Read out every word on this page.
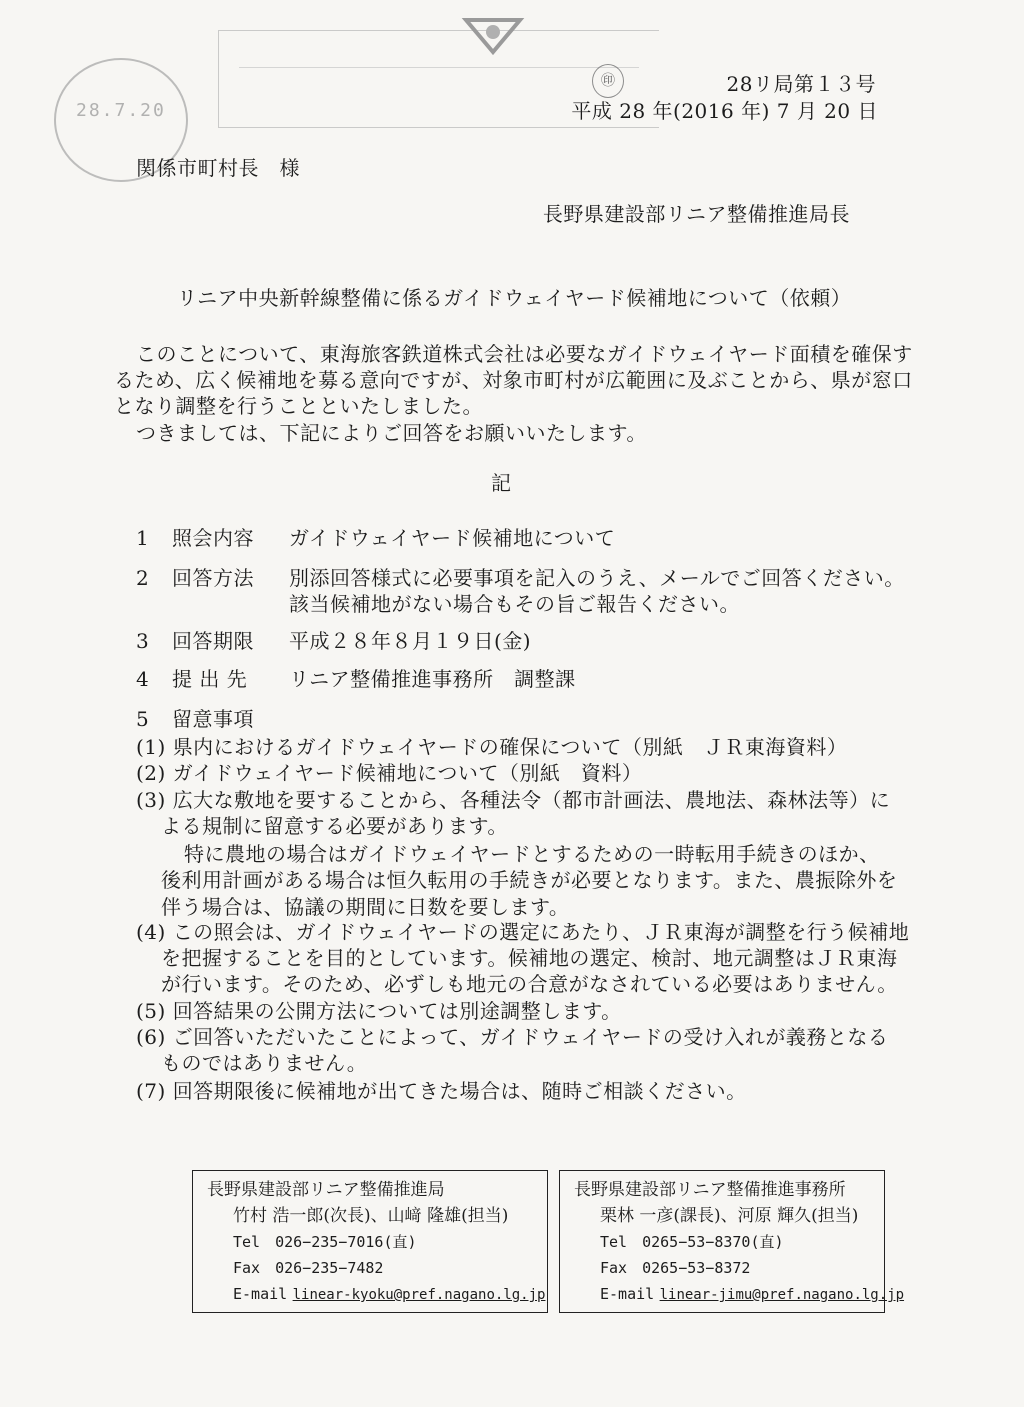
28.7.20
㊞	28リ局第１３号
平成 28 年(2016 年) 7 月 20 日
関係市町村長　様
長野県建設部リニア整備推進局長
リニア中央新幹線整備に係るガイドウェイヤード候補地について（依頼）
このことについて、東海旅客鉄道株式会社は必要なガイドウェイヤード面積を確保す
るため、広く候補地を募る意向ですが、対象市町村が広範囲に及ぶことから、県が窓口
となり調整を行うことといたしました。
つきましては、下記によりご回答をお願いいたします。
記
1 照会内容 ガイドウェイヤード候補地について
2 回答方法 別添回答様式に必要事項を記入のうえ、メールでご回答ください。
該当候補地がない場合もその旨ご報告ください。
3 回答期限 平成２８年８月１９日(金)
4 提 出 先 リニア整備推進事務所　調整課
5 留意事項
(1) 県内におけるガイドウェイヤードの確保について（別紙　ＪＲ東海資料）
(2) ガイドウェイヤード候補地について（別紙　資料）
(3) 広大な敷地を要することから、各種法令（都市計画法、農地法、森林法等）に
よる規制に留意する必要があります。
特に農地の場合はガイドウェイヤードとするための一時転用手続きのほか、
後利用計画がある場合は恒久転用の手続きが必要となります。また、農振除外を
伴う場合は、協議の期間に日数を要します。
(4) この照会は、ガイドウェイヤードの選定にあたり、ＪＲ東海が調整を行う候補地
を把握することを目的としています。候補地の選定、検討、地元調整はＪＲ東海
が行います。そのため、必ずしも地元の合意がなされている必要はありません。
(5) 回答結果の公開方法については別途調整します。
(6) ご回答いただいたことによって、ガイドウェイヤードの受け入れが義務となる
ものではありません。
(7) 回答期限後に候補地が出てきた場合は、随時ご相談ください。
長野県建設部リニア整備推進局
竹村 浩一郎(次長)、山﨑 隆雄(担当)
Tel　026−235−7016(直)
Fax　026−235−7482
E-mail linear-kyoku@pref.nagano.lg.jp
長野県建設部リニア整備推進事務所
栗林 一彦(課長)、河原 輝久(担当)
Tel　0265−53−8370(直)
Fax　0265−53−8372
E-mail linear-jimu@pref.nagano.lg.jp
